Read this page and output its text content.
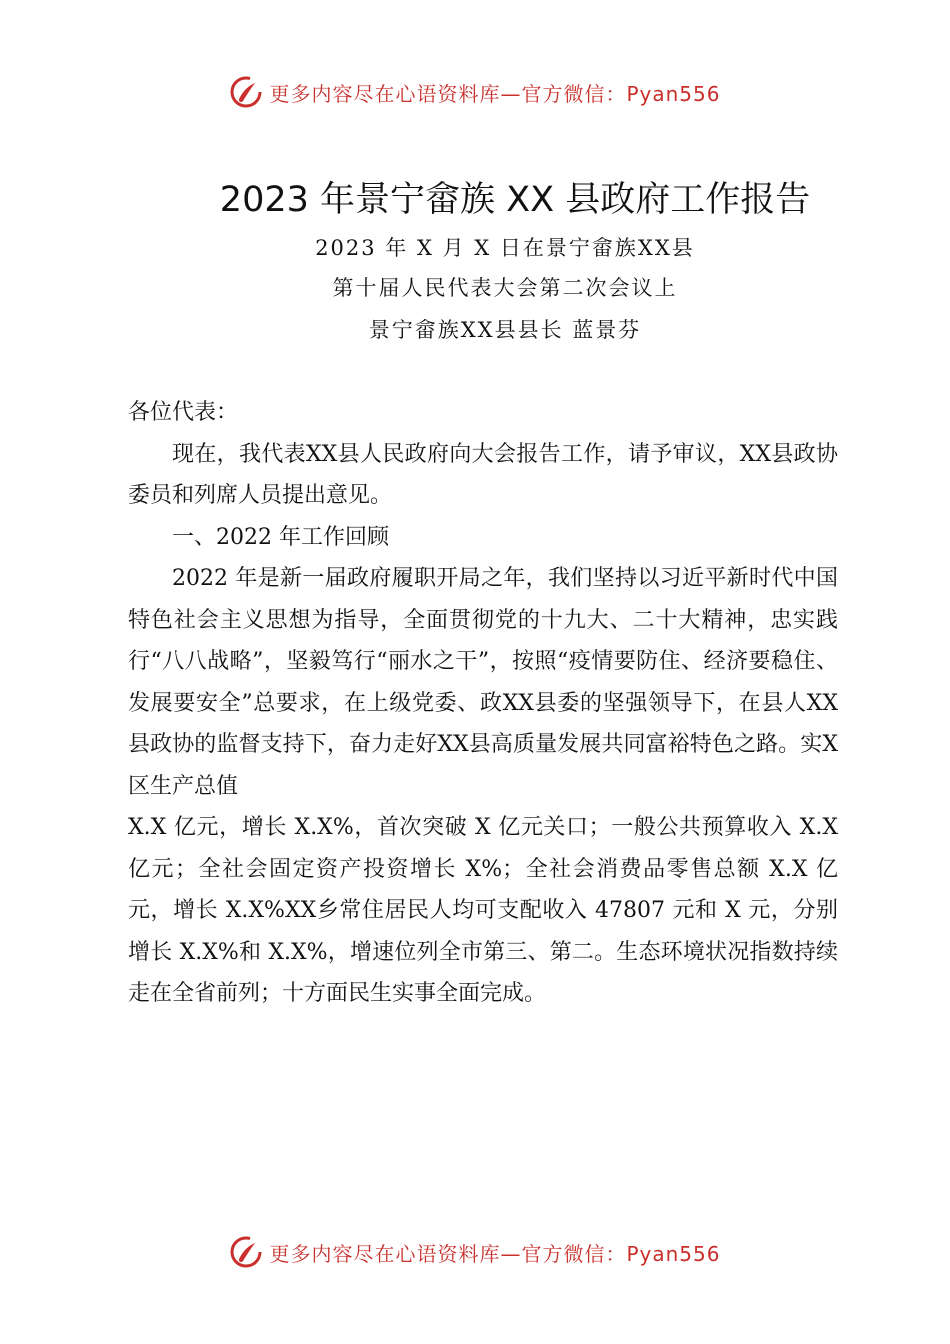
更多内容尽在心语资料库—官方微信：Pyan556
2023 年景宁畲族 XX 县政府工作报告

2023 年 X 月 X 日在景宁畲族XX县

第十届人民代表大会第二次会议上

景宁畲族XX县县长 蓝景芬

各位代表：

现在，我代表XX县人民政府向大会报告工作，请予审议，XX县政协委员和列席人员提出意见。

一、2022 年工作回顾

2022 年是新一届政府履职开局之年，我们坚持以习近平新时代中国特色社会主义思想为指导，全面贯彻党的十九大、二十大精神，忠实践行“八八战略”，坚毅笃行“丽水之干”，按照“疫情要防住、经济要稳住、发展要安全”总要求，在上级党委、政XX县委的坚强领导下，在县人XX县政协的监督支持下，奋力走好XX县高质量发展共同富裕特色之路。实X区生产总值

X.X 亿元，增长 X.X%，首次突破 X 亿元关口；一般公共预算收入 X.X 亿元；全社会固定资产投资增长 X%；全社会消费品零售总额 X.X 亿元，增长 X.X%XX乡常住居民人均可支配收入 47807 元和 X 元，分别增长 X.X%和 X.X%，增速位列全市第三、第二。生态环境状况指数持续走在全省前列；十方面民生实事全面完成。

更多内容尽在心语资料库—官方微信：Pyan556
